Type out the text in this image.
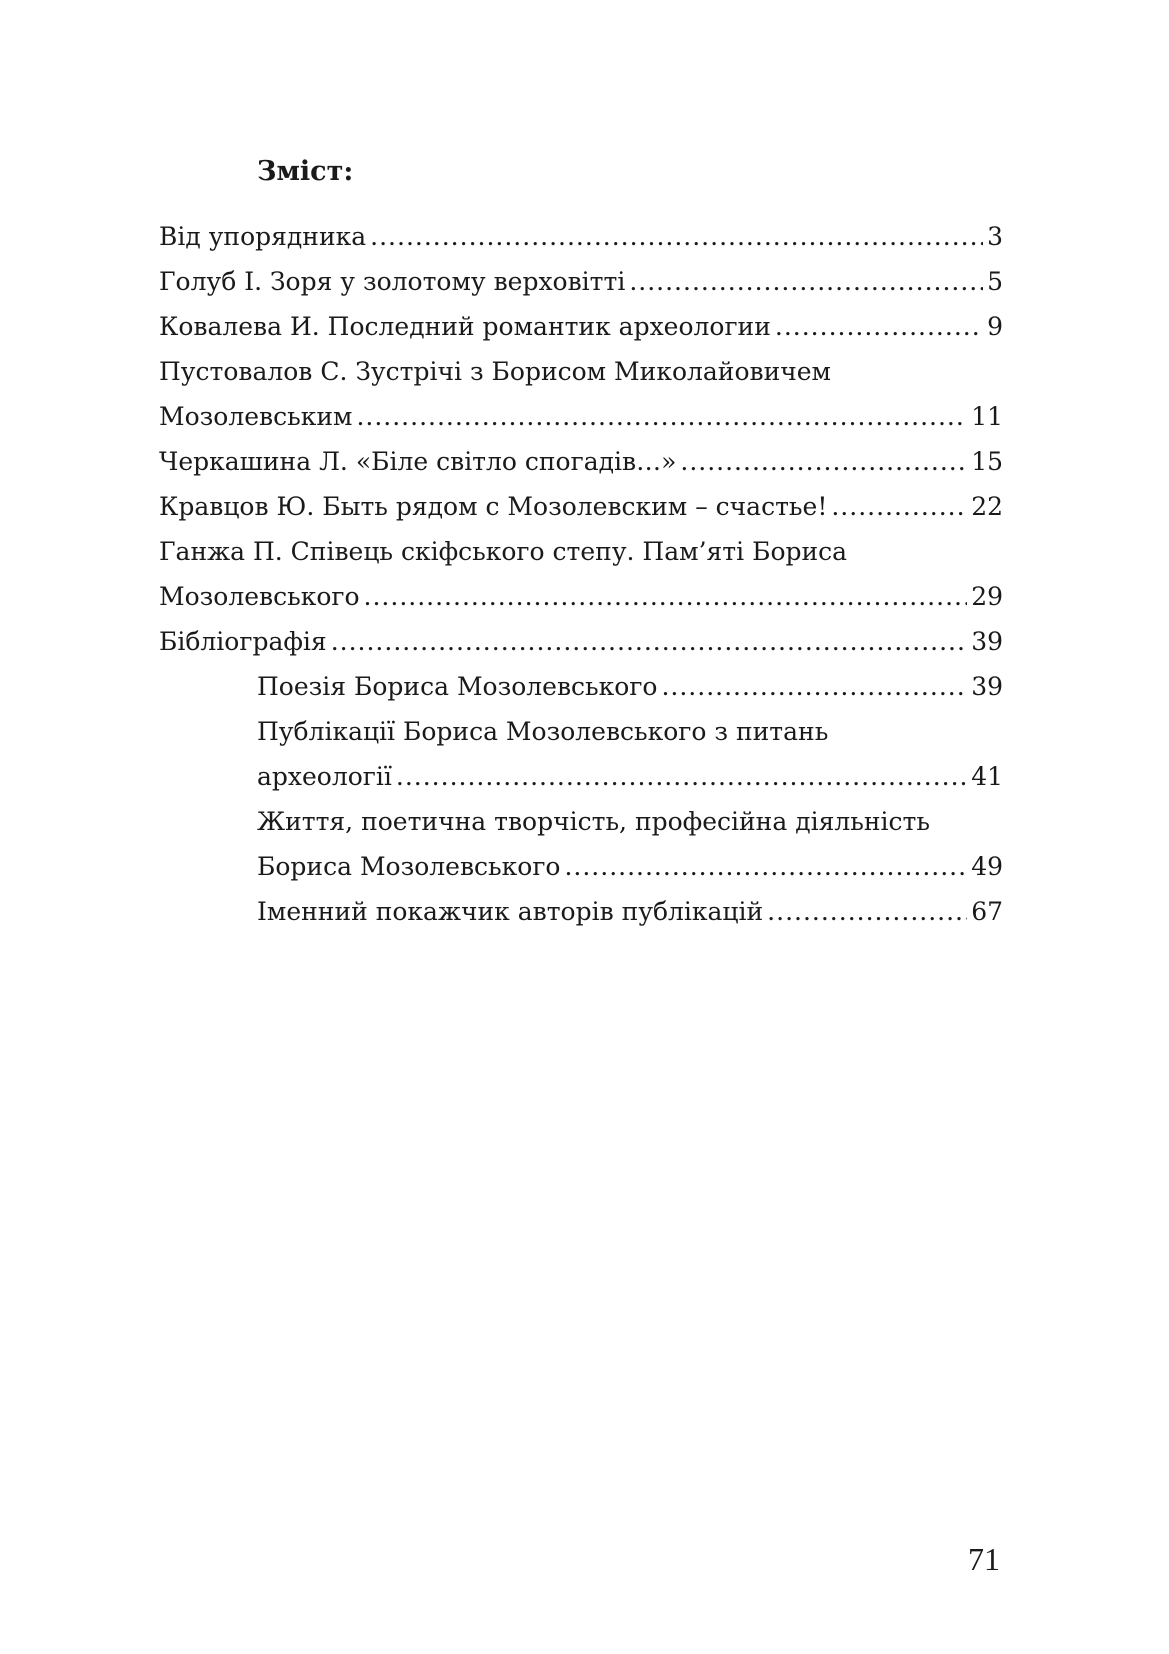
Зміст:
Від упорядника .....	3
Голуб І. Зоря у золотому верховітті .....	5
Ковалева И. Последний романтик археологии .....	9
Пустовалов С. Зустрічі з Борисом Миколайовичем
Мозолевським .....	11
Черкашина Л. «Біле світло спогадів…» .....	15
Кравцов Ю. Быть рядом с Мозолевским – счастье! .....	22
Ганжа П. Співець скіфського степу. Пам’яті Бориса
Мозолевського .....	29
Бібліографія .....	39
Поезія Бориса Мозолевського .....	39
Публікації Бориса Мозолевського з питань
археології .....	41
Життя, поетична творчість, професійна діяльність
Бориса Мозолевського .....	49
Іменний покажчик авторів публікацій .....	67
71
